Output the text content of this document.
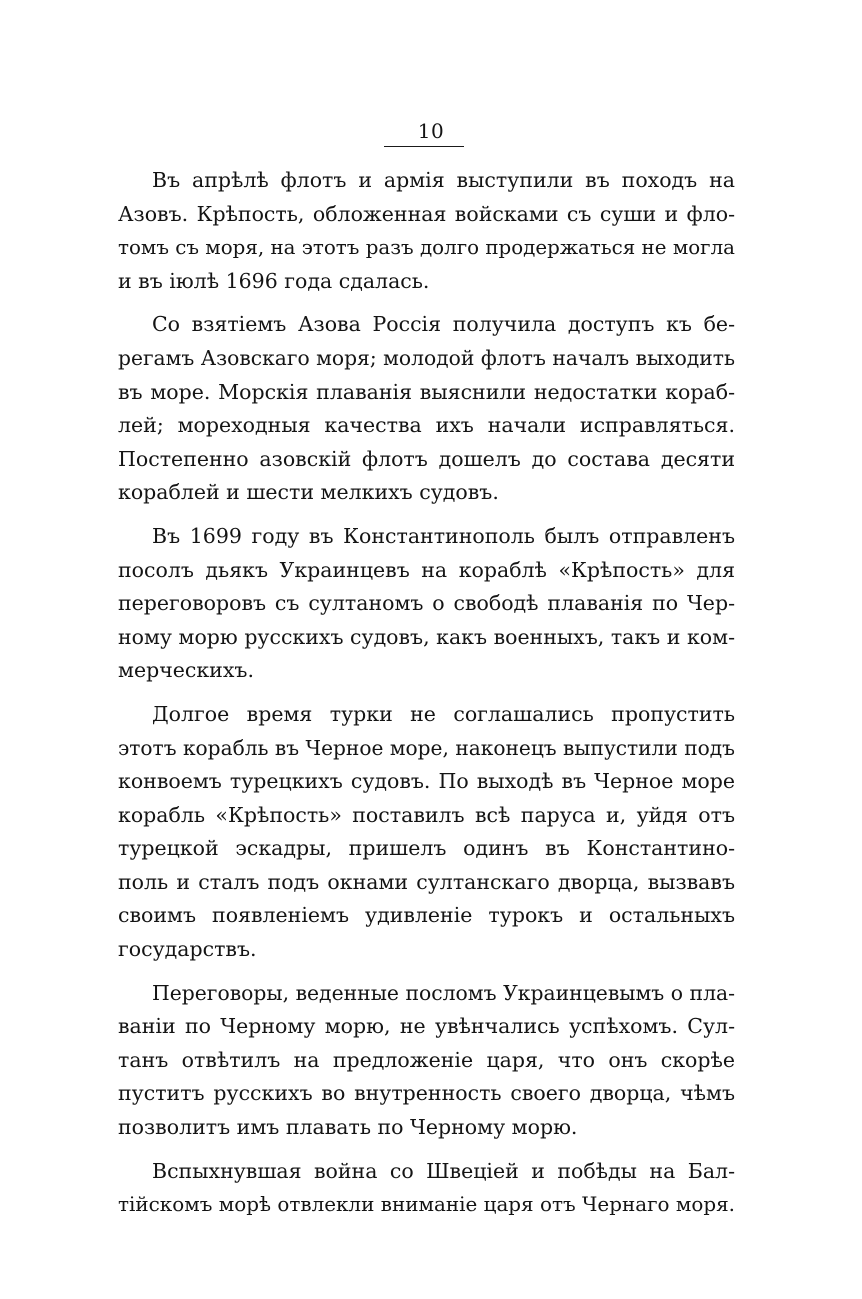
10

Въ апрѣлѣ флотъ и армія выступили въ походъ на
Азовъ. Крѣпость, обложенная войсками съ суши и фло-
томъ съ моря, на этотъ разъ долго продержаться не могла
и въ іюлѣ 1696 года сдалась.

Со взятіемъ Азова Россія получила доступъ къ бе-
регамъ Азовскаго моря; молодой флотъ началъ выходить
въ море. Морскія плаванія выяснили недостатки кораб-
лей; мореходныя качества ихъ начали исправляться.
Постепенно азовскій флотъ дошелъ до состава десяти
кораблей и шести мелкихъ судовъ.

Въ 1699 году въ Константинополь былъ отправленъ
посолъ дьякъ Украинцевъ на кораблѣ «Крѣпость» для
переговоровъ съ султаномъ о свободѣ плаванія по Чер-
ному морю русскихъ судовъ, какъ военныхъ, такъ и ком-
мерческихъ.

Долгое время турки не соглашались пропустить
этотъ корабль въ Черное море, наконецъ выпустили подъ
конвоемъ турецкихъ судовъ. По выходѣ въ Черное море
корабль «Крѣпость» поставилъ всѣ паруса и, уйдя отъ
турецкой эскадры, пришелъ одинъ въ Константино-
поль и сталъ подъ окнами султанскаго дворца, вызвавъ
своимъ появленіемъ удивленіе турокъ и остальныхъ
государствъ.

Переговоры, веденные посломъ Украинцевымъ о пла-
ваніи по Черному морю, не увѣнчались успѣхомъ. Сул-
танъ отвѣтилъ на предложеніе царя, что онъ скорѣе
пуститъ русскихъ во внутренность своего дворца, чѣмъ
позволитъ имъ плавать по Черному морю.

Вспыхнувшая война со Швеціей и побѣды на Бал-
тійскомъ морѣ отвлекли вниманіе царя отъ Чернаго моря.
